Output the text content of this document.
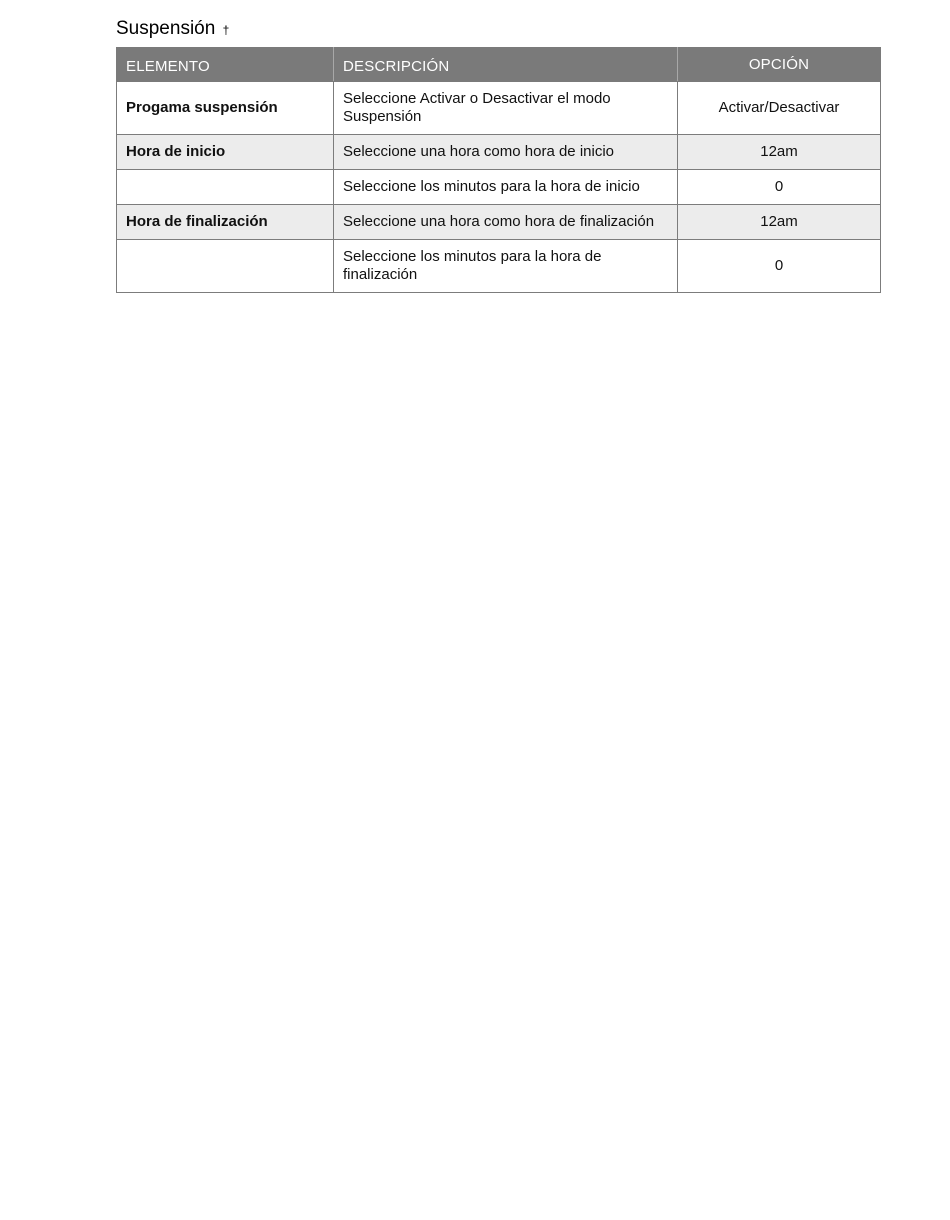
Suspensión †
ELEMENTO	DESCRIPCIÓN	OPCIÓN
Progama suspensión	Seleccione Activar o Desactivar el modo Suspensión	Activar/Desactivar
Hora de inicio	Seleccione una hora como hora de inicio	12am
	Seleccione los minutos para la hora de inicio	0
Hora de finalización	Seleccione una hora como hora de finalización	12am
	Seleccione los minutos para la hora de finalización	0
